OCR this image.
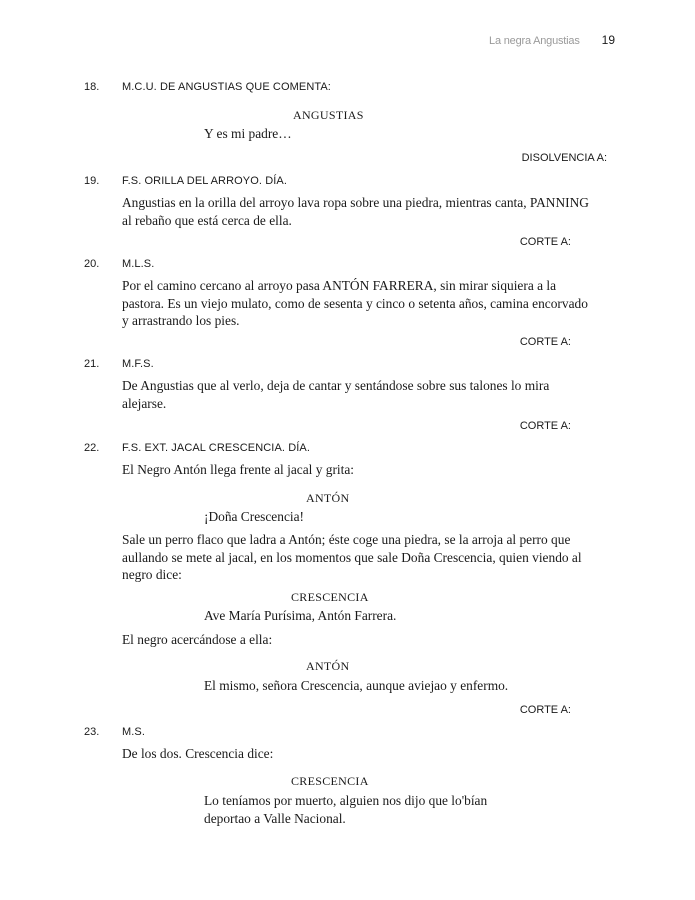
La negra Angustias 19
18.	M.C.U. DE ANGUSTIAS QUE COMENTA:
ANGUSTIAS

Y es mi padre…

DISOLVENCIA A:
19.	F.S. ORILLA DEL ARROYO. DÍA.

Angustias en la orilla del arroyo lava ropa sobre una piedra, mientras canta, PANNING al rebaño que está cerca de ella.

CORTE A:
20.	M.L.S.

Por el camino cercano al arroyo pasa ANTÓN FARRERA, sin mirar siquiera a la pastora. Es un viejo mulato, como de sesenta y cinco o setenta años, camina encorvado y arrastrando los pies.

CORTE A:
21.	M.F.S.

De Angustias que al verlo, deja de cantar y sentándose sobre sus talones lo mira alejarse.

CORTE A:
22.	F.S. EXT. JACAL CRESCENCIA. DÍA.

El Negro Antón llega frente al jacal y grita:

ANTÓN

¡Doña Crescencia!

Sale un perro flaco que ladra a Antón; éste coge una piedra, se la arroja al perro que aullando se mete al jacal, en los momentos que sale Doña Crescencia, quien viendo al negro dice:

CRESCENCIA

Ave María Purísima, Antón Farrera.

El negro acercándose a ella:

ANTÓN

El mismo, señora Crescencia, aunque aviejao y enfermo.

CORTE A:
23.	M.S.

De los dos. Crescencia dice:

CRESCENCIA

Lo teníamos por muerto, alguien nos dijo que lo'bían deportao a Valle Nacional.
